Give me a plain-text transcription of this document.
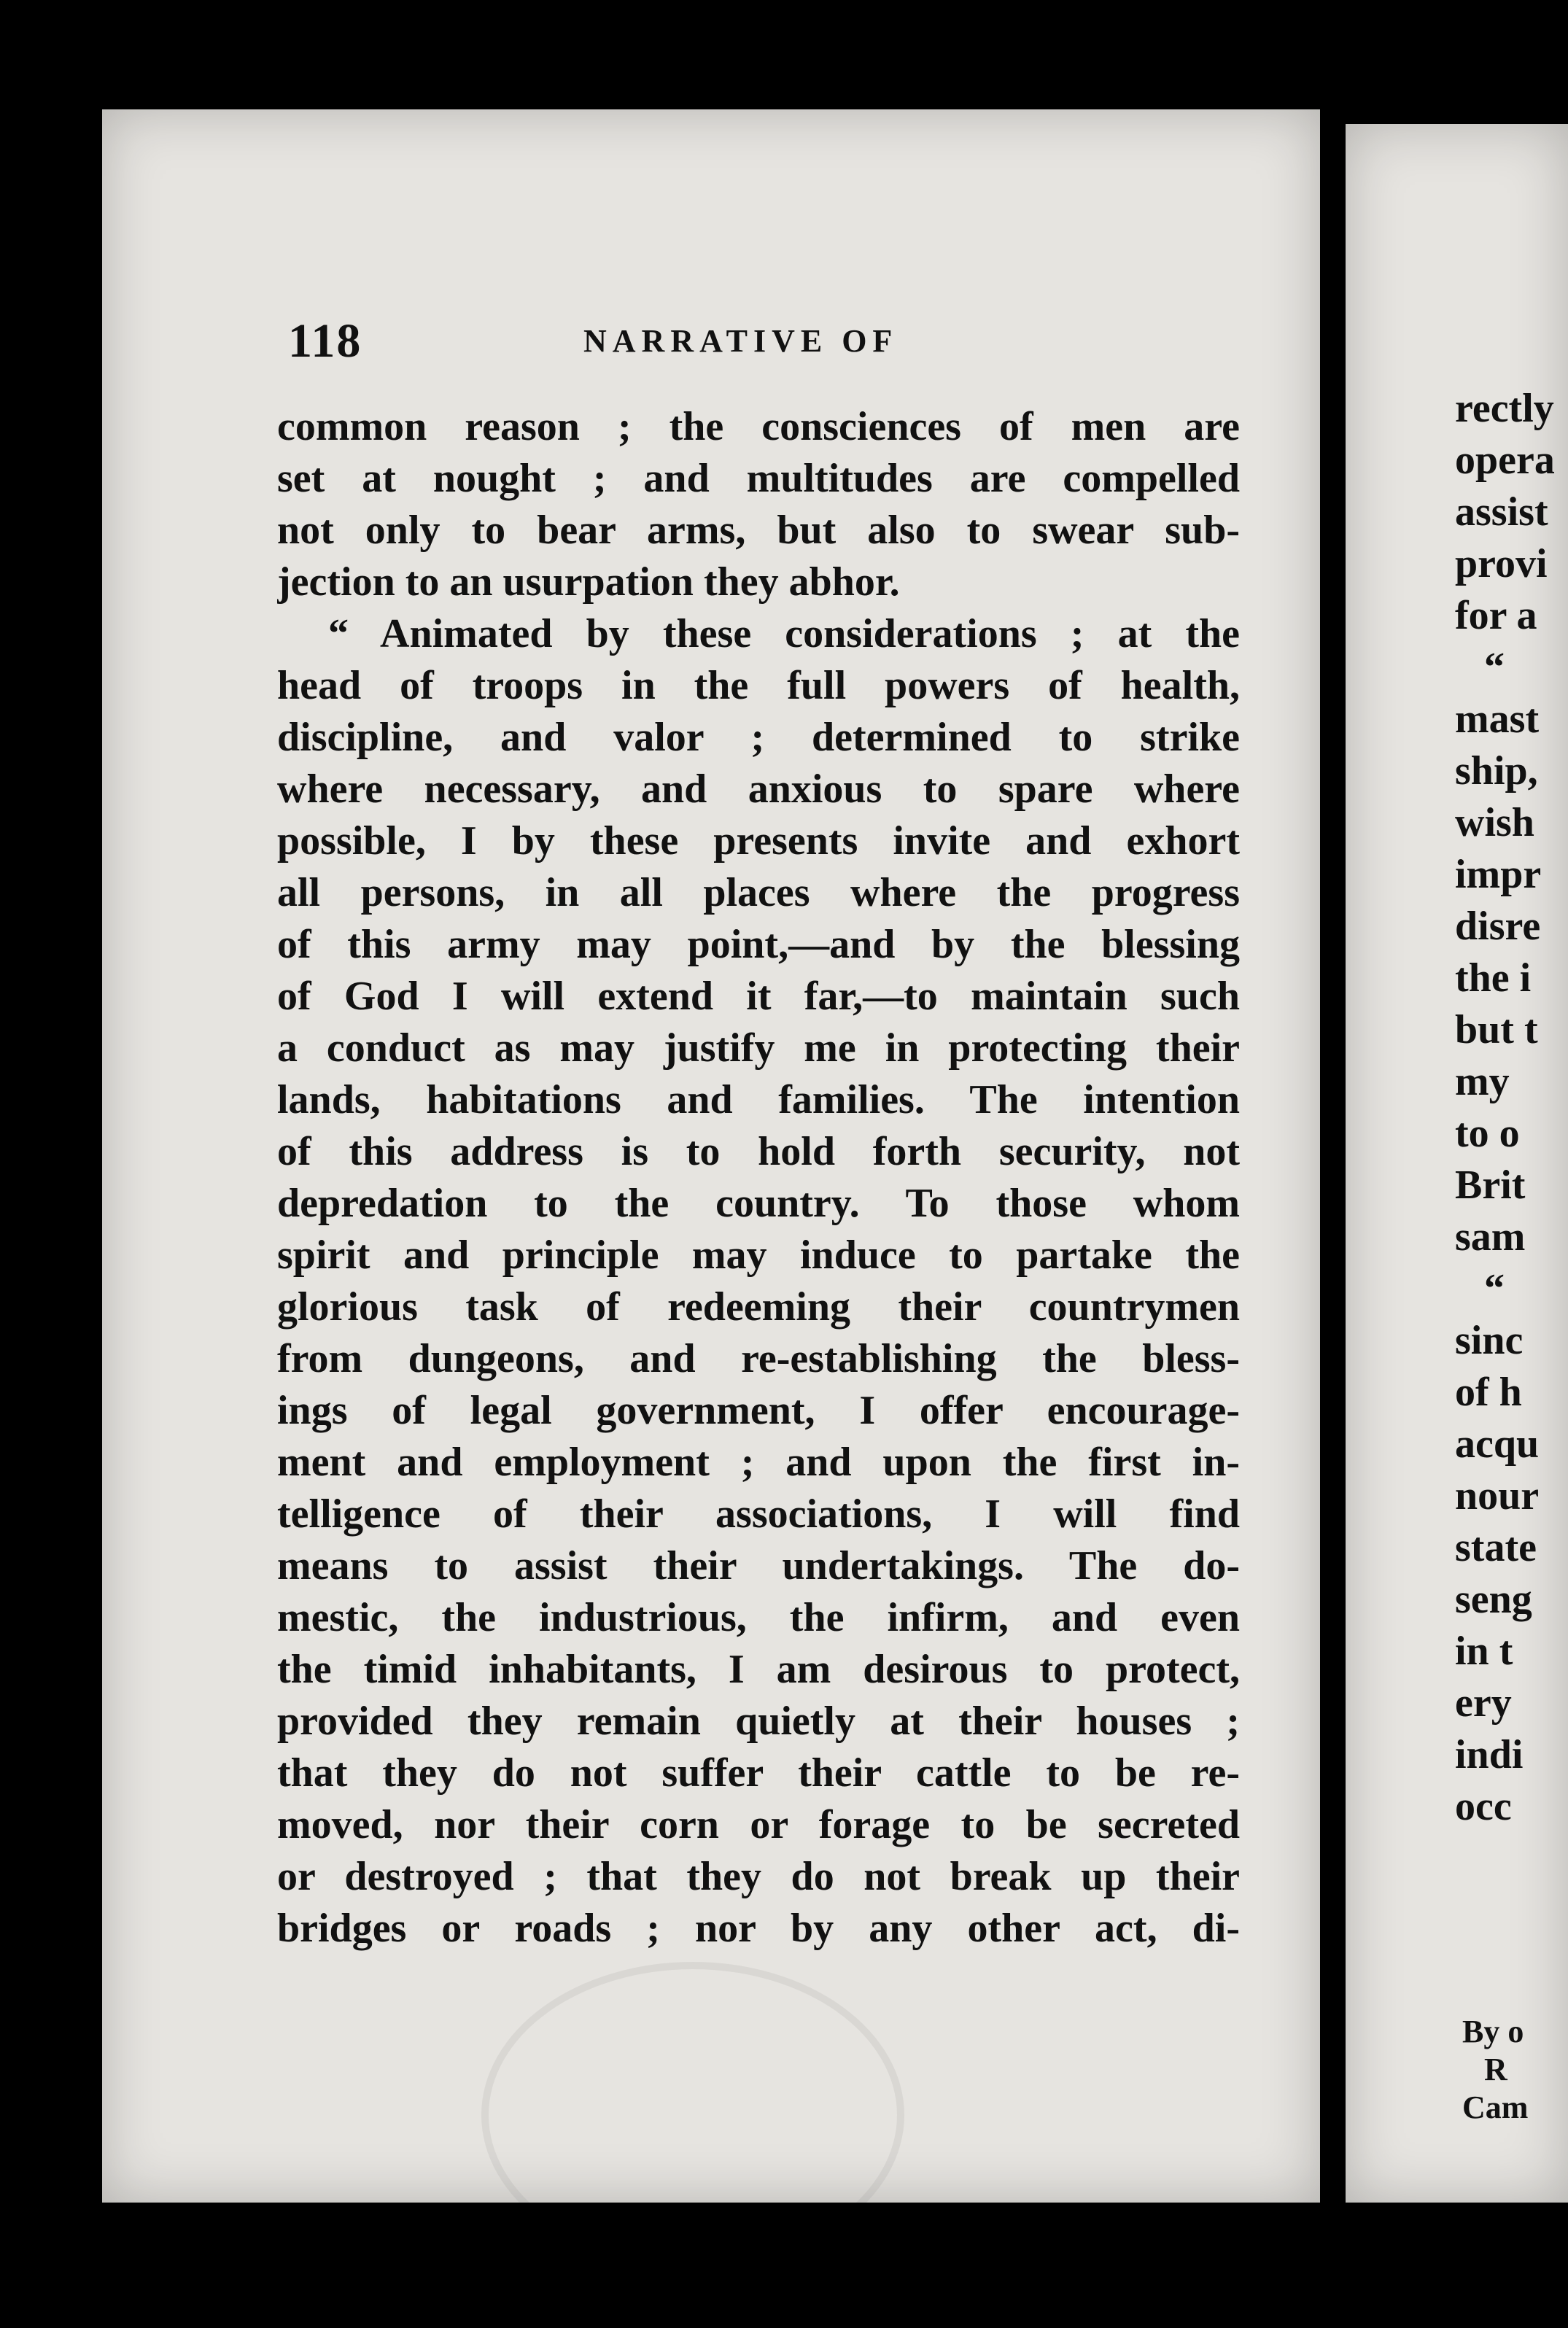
118	NARRATIVE OF
common reason ; the consciences of men are
set at nought ; and multitudes are compelled
not only to bear arms, but also to swear sub-
jection to an usurpation they abhor.
“ Animated by these considerations ; at the
head of troops in the full powers of health,
discipline, and valor ; determined to strike
where necessary, and anxious to spare where
possible, I by these presents invite and exhort
all persons, in all places where the progress
of this army may point,—and by the blessing
of God I will extend it far,—to maintain such
a conduct as may justify me in protecting their
lands, habitations and families. The intention
of this address is to hold forth security, not
depredation to the country. To those whom
spirit and principle may induce to partake the
glorious task of redeeming their countrymen
from dungeons, and re-establishing the bless-
ings of legal government, I offer encourage-
ment and employment ; and upon the first in-
telligence of their associations, I will find
means to assist their undertakings. The do-
mestic, the industrious, the infirm, and even
the timid inhabitants, I am desirous to protect,
provided they remain quietly at their houses ;
that they do not suffer their cattle to be re-
moved, nor their corn or forage to be secreted
or destroyed ; that they do not break up their
bridges or roads ; nor by any other act, di-
rectly
opera
assist
provi
for a
“
mast
ship,
wish
impr
disre
the i
but t
my
to o
Brit
sam
“
sinc
of h
acqu
nour
state
seng
in t
ery
indi
occ
By o
R
Cam
